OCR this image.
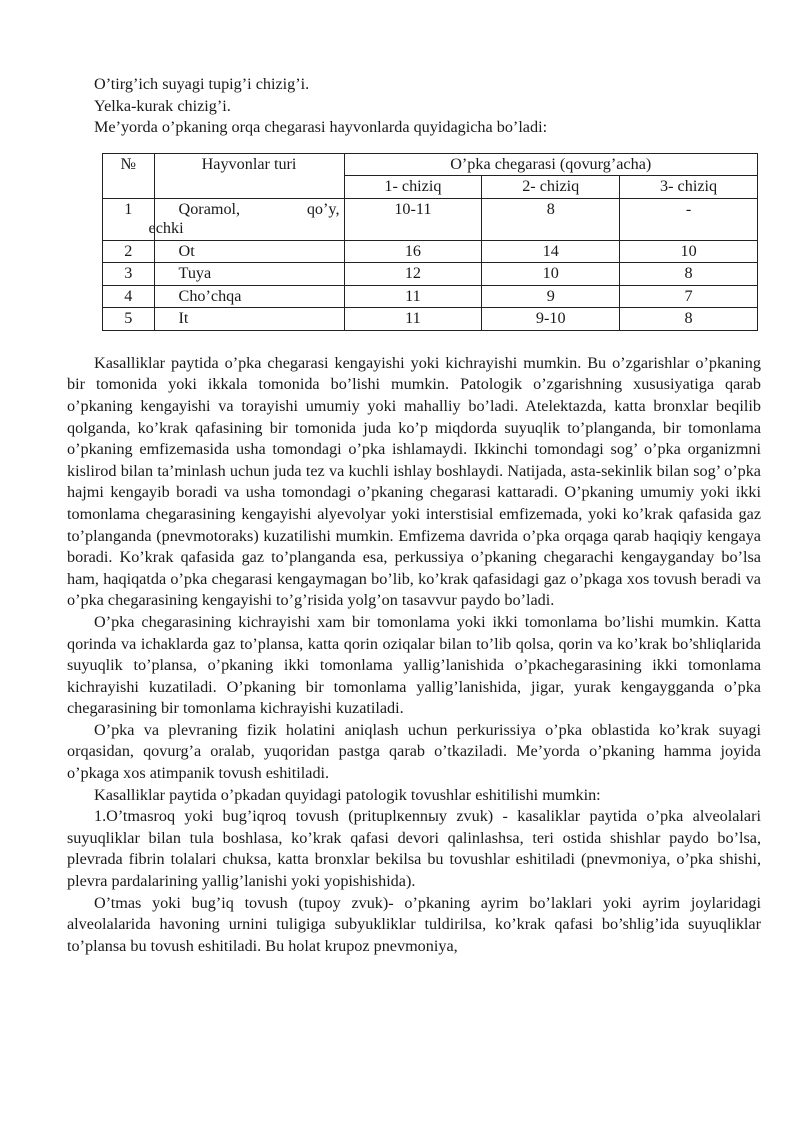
O’tirg’ich suyagi tupig’i chizig’i.

Yelka-kurak chizig’i.

Me’yorda o’pkaning orqa chegarasi hayvonlarda quyidagicha bo’ladi:

№	Hayvonlar turi	O’pka chegarasi (qovurg’acha)		
		1- chiziq	2- chiziq	3- chiziq
1	Qoramol, qo’y,
echki	10-11	8	-
2	Ot	16	14	10
3	Tuya	12	10	8
4	Cho’chqa	11	9	7
5	It	11	9-10	8

Kasalliklar paytida o’pka chegarasi kengayishi yoki kichrayishi mumkin. Bu o’zgarishlar o’pkaning bir tomonida yoki ikkala tomonida bo’lishi mumkin. Patologik o’zgarishning xususiyatiga qarab o’pkaning kengayishi va torayishi umumiy yoki mahalliy bo’ladi. Atelektazda, katta bronxlar beqilib qolganda, ko’krak qafasining bir tomonida juda ko’p miqdorda suyuqlik to’planganda, bir tomonlama o’pkaning emfizemasida usha tomondagi o’pka ishlamaydi. Ikkinchi tomondagi sog’ o’pka organizmni kislirod bilan ta’minlash uchun juda tez va kuchli ishlay boshlaydi. Natijada, asta-sekinlik bilan sog’ o’pka hajmi kengayib boradi va usha tomondagi o’pkaning chegarasi kattaradi. O’pkaning umumiy yoki ikki tomonlama chegarasining kengayishi alyevolyar yoki interstisial emfizemada, yoki ko’krak qafasida gaz to’planganda (pnevmotoraks) kuzatilishi mumkin. Emfizema davrida o’pka orqaga qarab haqiqiy kengaya boradi. Ko’krak qafasida gaz to’planganda esa, perkussiya o’pkaning chegarachi kengayganday bo’lsa ham, haqiqatda o’pka chegarasi kengaymagan bo’lib, ko’krak qafasidagi gaz o’pkaga xos tovush beradi va o’pka chegarasining kengayishi to’g’risida yolg’on tasavvur paydo bo’ladi.

O’pka chegarasining kichrayishi xam bir tomonlama yoki ikki tomonlama bo’lishi mumkin. Katta qorinda va ichaklarda gaz to’plansa, katta qorin oziqalar bilan to’lib qolsa, qorin va ko’krak bo’shliqlarida suyuqlik to’plansa, o’pkaning ikki tomonlama yallig’lanishida o’pkachegarasining ikki tomonlama kichrayishi kuzatiladi. O’pkaning bir tomonlama yallig’lanishida, jigar, yurak kengaygganda o’pka chegarasining bir tomonlama kichrayishi kuzatiladi.

O’pka va plevraning fizik holatini aniqlash uchun perkurissiya o’pka oblastida ko’krak suyagi orqasidan, qovurg’a oralab, yuqoridan pastga qarab o’tkaziladi. Me’yorda o’pkaning hamma joyida o’pkaga xos atimpanik tovush eshitiladi.

Kasalliklar paytida o’pkadan quyidagi patologik tovushlar eshitilishi mumkin:

1.O’tmasroq yoki bug’iqroq tovush (prituplкennыy zvuk) - kasaliklar paytida o’pka alveolalari suyuqliklar bilan tula boshlasa, ko’krak qafasi devori qalinlashsa, teri ostida shishlar paydo bo’lsa, plevrada fibrin tolalari chuksa, katta bronxlar bekilsa bu tovushlar eshitiladi (pnevmoniya, o’pka shishi, plevra pardalarining yallig’lanishi yoki yopishishida).

O’tmas yoki bug’iq tovush (tupoy zvuk)- o’pkaning ayrim bo’laklari yoki ayrim joylaridagi alveolalarida havoning urnini tuligiga subyukliklar tuldirilsa, ko’krak qafasi bo’shlig’ida suyuqliklar to’plansa bu tovush eshitiladi. Bu holat krupoz pnevmoniya,
